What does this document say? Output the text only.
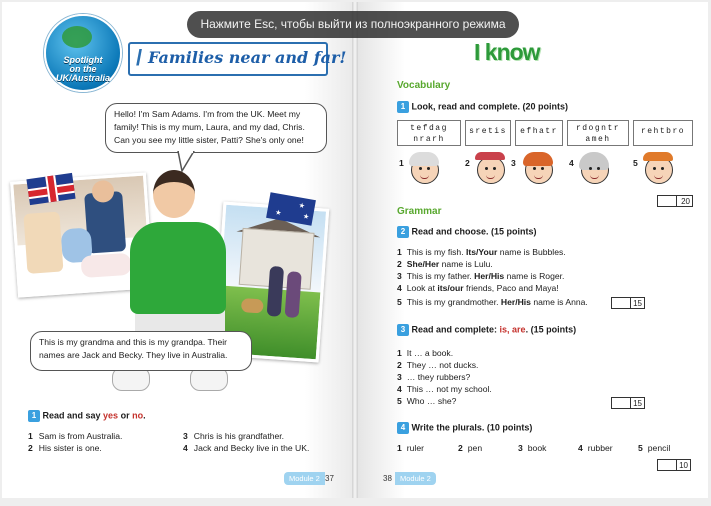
Нажмите Esc, чтобы выйти из полноэкранного режима
Spotlight
on the
UK/Australia
/ Families near and far!
Hello! I'm Sam Adams. I'm from the UK. Meet my family! This is my mum, Laura, and my dad, Chris. Can you see my little sister, Patti? She's only one!
★
★
★
This is my grandma and this is my grandpa. Their names are Jack and Becky. They live in Australia.
1 Read and say yes or no.
1 Sam is from Australia.
2 His sister is one.
3 Chris is his grandfather.
4 Jack and Becky live in the UK.
Module 2 37
I know
Vocabulary
1 Look, read and complete. (20 points)
tefdag nrarh
sretis	efhatr	rdogntr ameh
rehtbro
1	2	3	4	5
20
Grammar
2 Read and choose. (15 points)
1 This is my fish. Its/Your name is Bubbles.
2 She/Her name is Lulu.
3 This is my father. Her/His name is Roger.
4 Look at its/our friends, Paco and Maya!
5 This is my grandmother. Her/His name is Anna.	15
3 Read and complete: is, are. (15 points)
1 It … a book.
2 They … not ducks.
3 … they rubbers?
4 This … not my school.
5 Who … she?	15
4 Write the plurals. (10 points)
1 ruler	2 pen	3 book	4 rubber	5 pencil
10
38	Module 2
